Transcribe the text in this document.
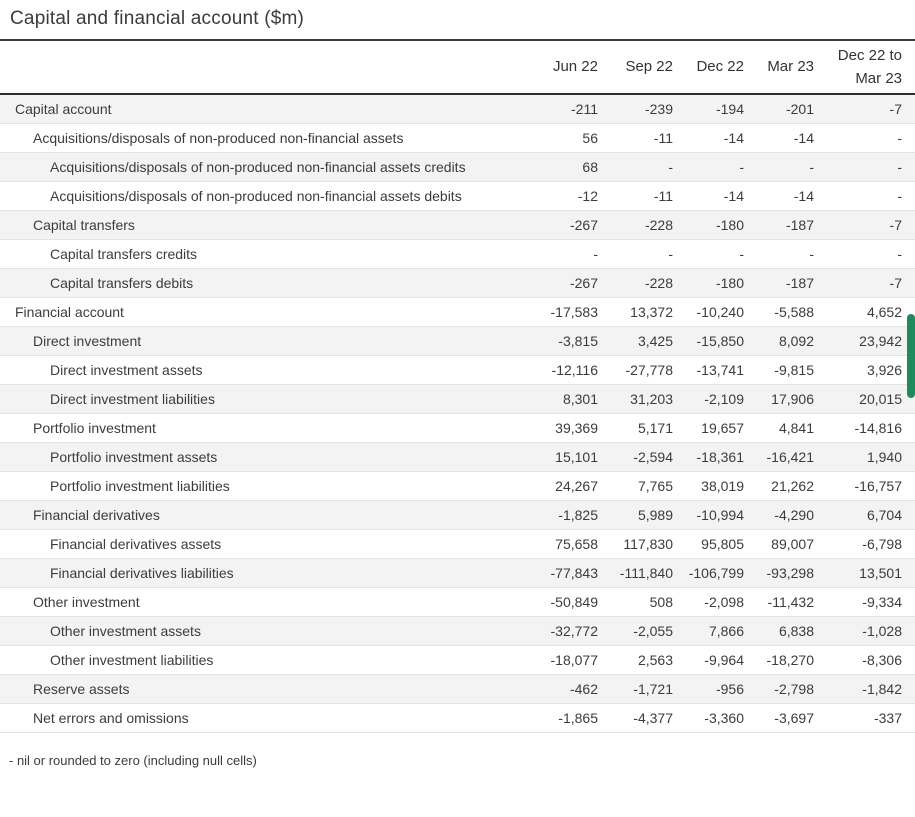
Capital and financial account ($m)
	Jun 22	Sep 22	Dec 22	Mar 23	Dec 22 to Mar 23
Capital account	-211	-239	-194	-201	-7
Acquisitions/disposals of non-produced non-financial assets	56	-11	-14	-14	-
Acquisitions/disposals of non-produced non-financial assets credits	68	-	-	-	-
Acquisitions/disposals of non-produced non-financial assets debits	-12	-11	-14	-14	-
Capital transfers	-267	-228	-180	-187	-7
Capital transfers credits	-	-	-	-	-
Capital transfers debits	-267	-228	-180	-187	-7
Financial account	-17,583	13,372	-10,240	-5,588	4,652
Direct investment	-3,815	3,425	-15,850	8,092	23,942
Direct investment assets	-12,116	-27,778	-13,741	-9,815	3,926
Direct investment liabilities	8,301	31,203	-2,109	17,906	20,015
Portfolio investment	39,369	5,171	19,657	4,841	-14,816
Portfolio investment assets	15,101	-2,594	-18,361	-16,421	1,940
Portfolio investment liabilities	24,267	7,765	38,019	21,262	-16,757
Financial derivatives	-1,825	5,989	-10,994	-4,290	6,704
Financial derivatives assets	75,658	117,830	95,805	89,007	-6,798
Financial derivatives liabilities	-77,843	-111,840	-106,799	-93,298	13,501
Other investment	-50,849	508	-2,098	-11,432	-9,334
Other investment assets	-32,772	-2,055	7,866	6,838	-1,028
Other investment liabilities	-18,077	2,563	-9,964	-18,270	-8,306
Reserve assets	-462	-1,721	-956	-2,798	-1,842
Net errors and omissions	-1,865	-4,377	-3,360	-3,697	-337
- nil or rounded to zero (including null cells)
